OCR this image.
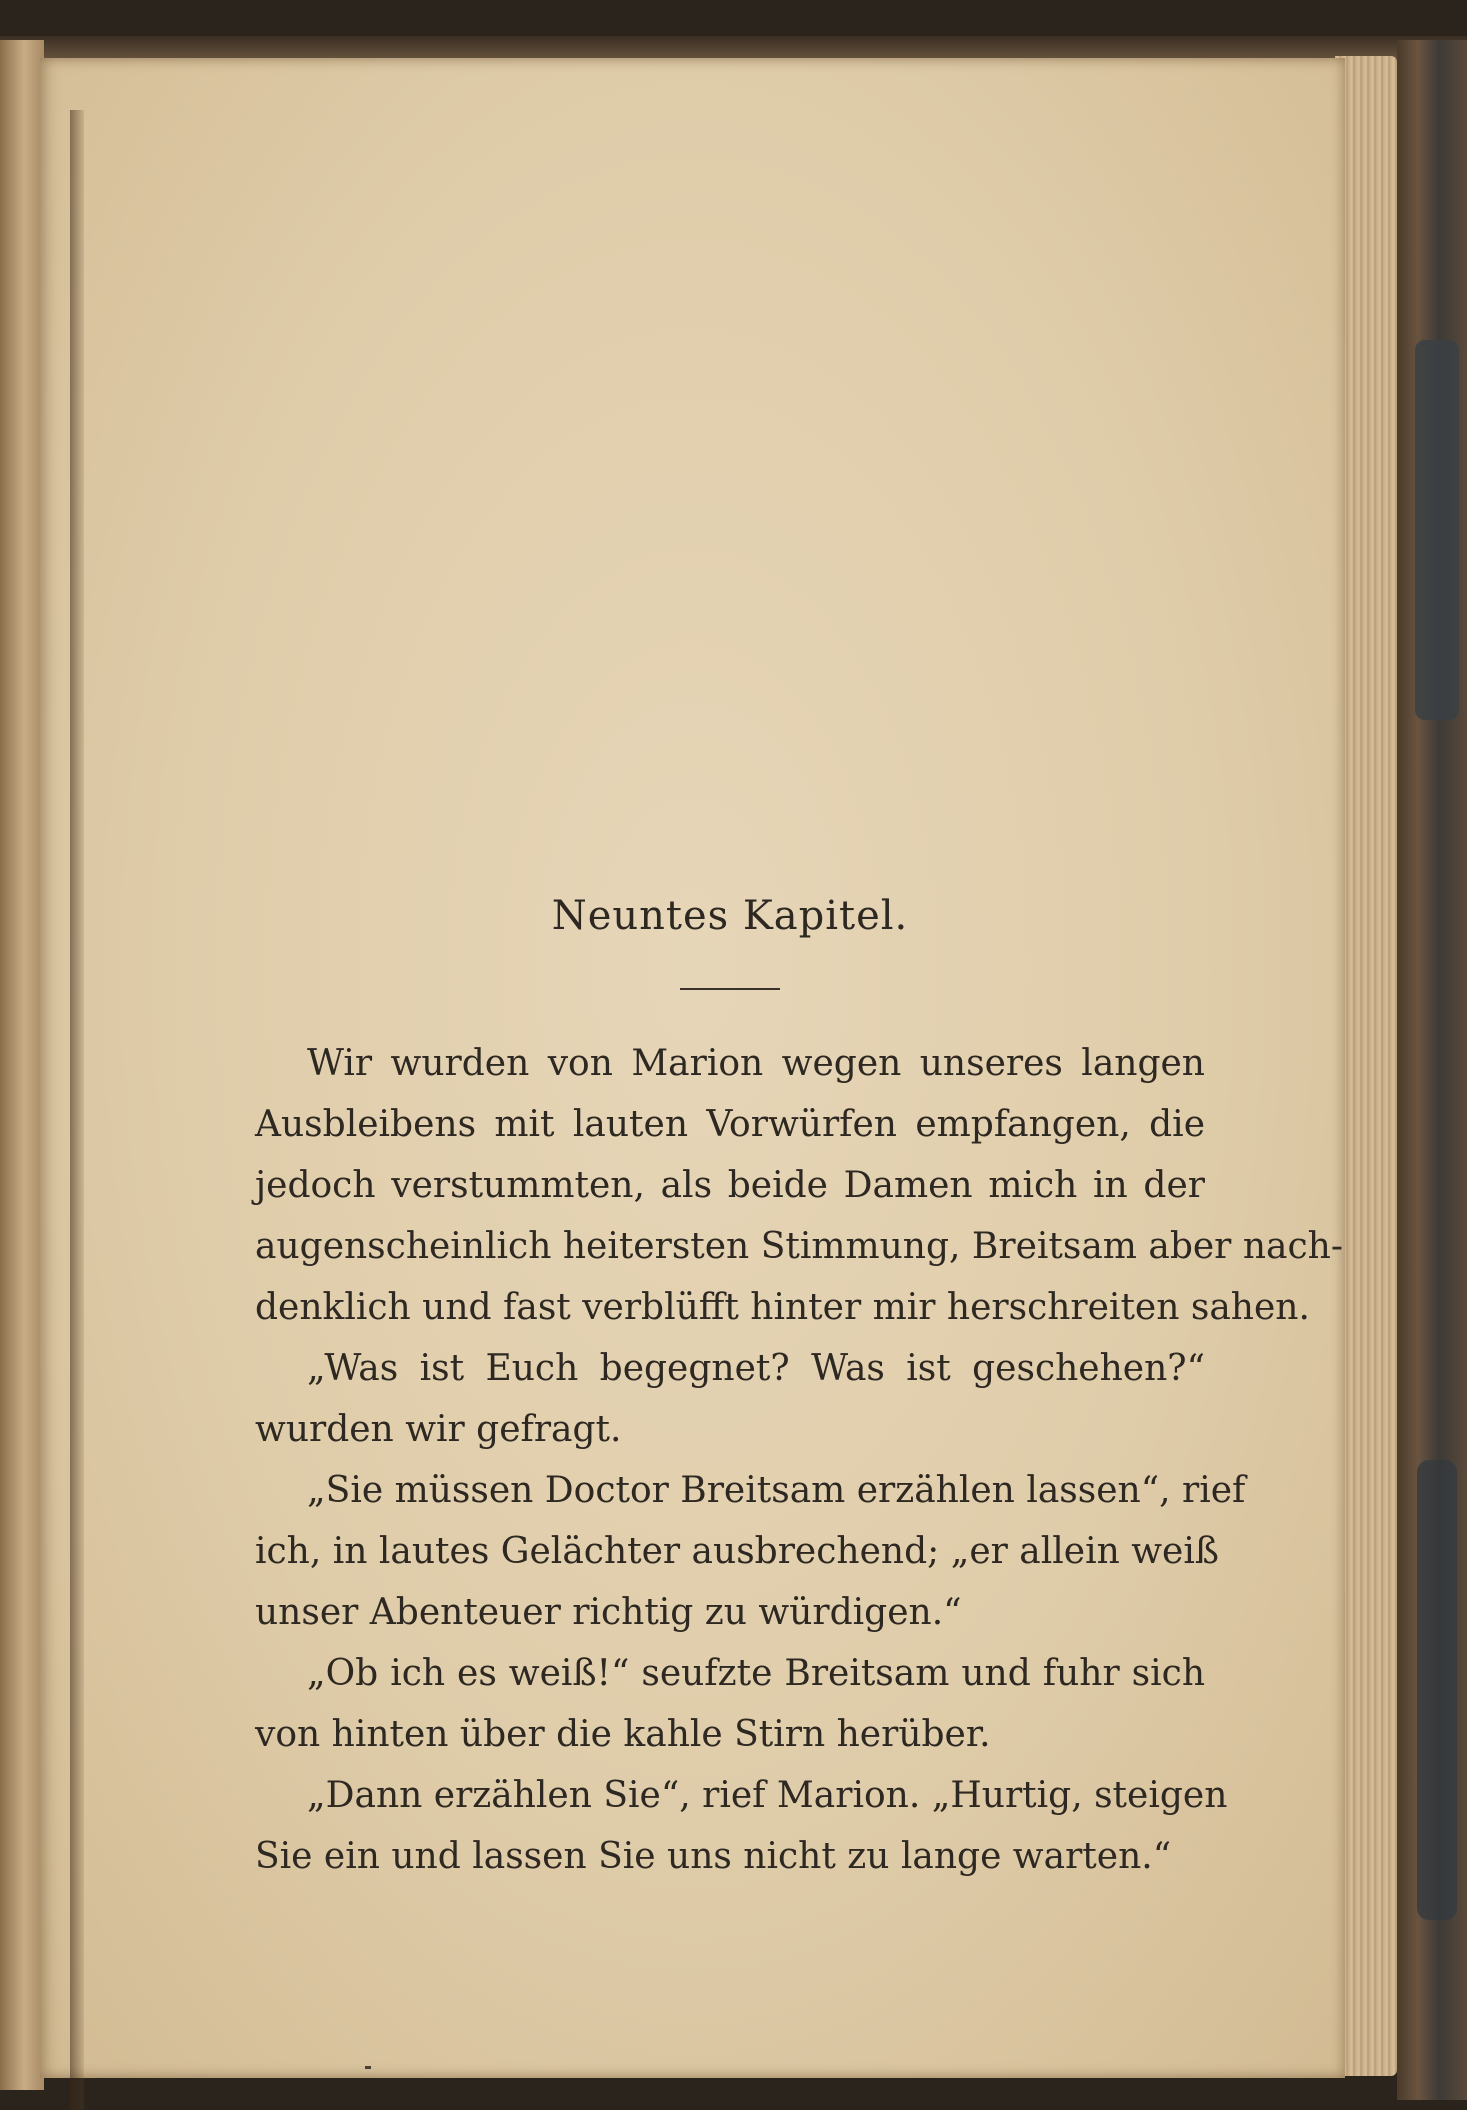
Neuntes Kapitel.
Wir wurden von Marion wegen unseres langen
Ausbleibens mit lauten Vorwürfen empfangen, die
jedoch verstummten, als beide Damen mich in der
augenscheinlich heitersten Stimmung, Breitsam aber nach-
denklich und fast verblüfft hinter mir herschreiten sahen.
„Was ist Euch begegnet? Was ist geschehen?“
wurden wir gefragt.
„Sie müssen Doctor Breitsam erzählen lassen“, rief
ich, in lautes Gelächter ausbrechend; „er allein weiß
unser Abenteuer richtig zu würdigen.“
„Ob ich es weiß!“ seufzte Breitsam und fuhr sich
von hinten über die kahle Stirn herüber.
„Dann erzählen Sie“, rief Marion. „Hurtig, steigen
Sie ein und lassen Sie uns nicht zu lange warten.“
